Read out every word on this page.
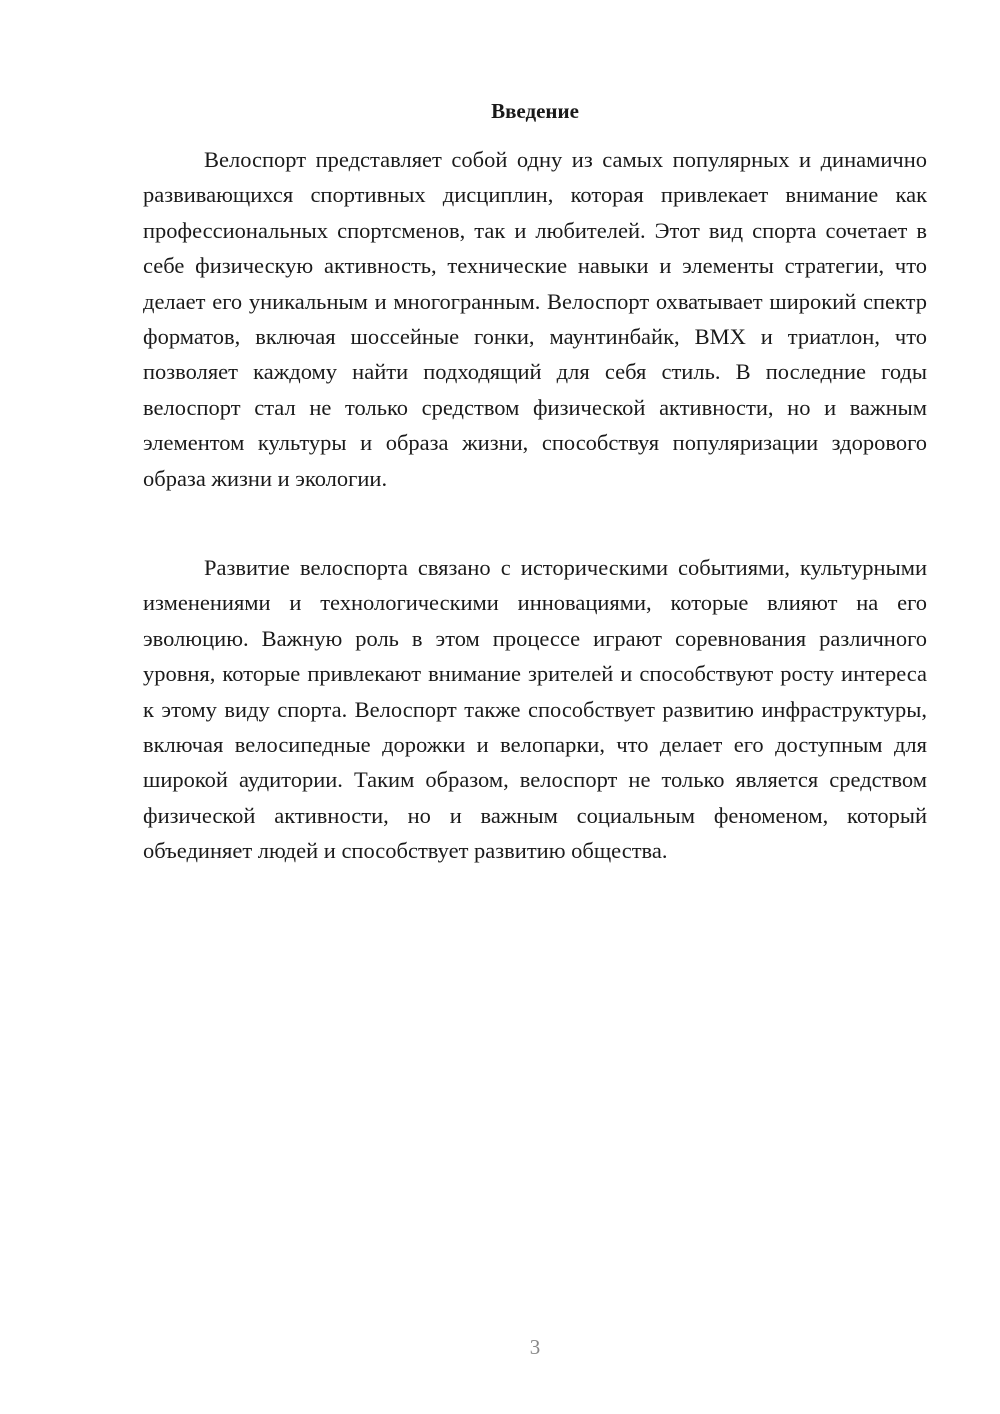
Введение

Велоспорт представляет собой одну из самых популярных и динамично развивающихся спортивных дисциплин, которая привлекает внимание как профессиональных спортсменов, так и любителей. Этот вид спорта сочетает в себе физическую активность, технические навыки и элементы стратегии, что делает его уникальным и многогранным. Велоспорт охватывает широкий спектр форматов, включая шоссейные гонки, маунтинбайк, BMX и триатлон, что позволяет каждому найти подходящий для себя стиль. В последние годы велоспорт стал не только средством физической активности, но и важным элементом культуры и образа жизни, способствуя популяризации здорового образа жизни и экологии.

Развитие велоспорта связано с историческими событиями, культурными изменениями и технологическими инновациями, которые влияют на его эволюцию. Важную роль в этом процессе играют соревнования различного уровня, которые привлекают внимание зрителей и способствуют росту интереса к этому виду спорта. Велоспорт также способствует развитию инфраструктуры, включая велосипедные дорожки и велопарки, что делает его доступным для широкой аудитории. Таким образом, велоспорт не только является средством физической активности, но и важным социальным феноменом, который объединяет людей и способствует развитию общества.

3
